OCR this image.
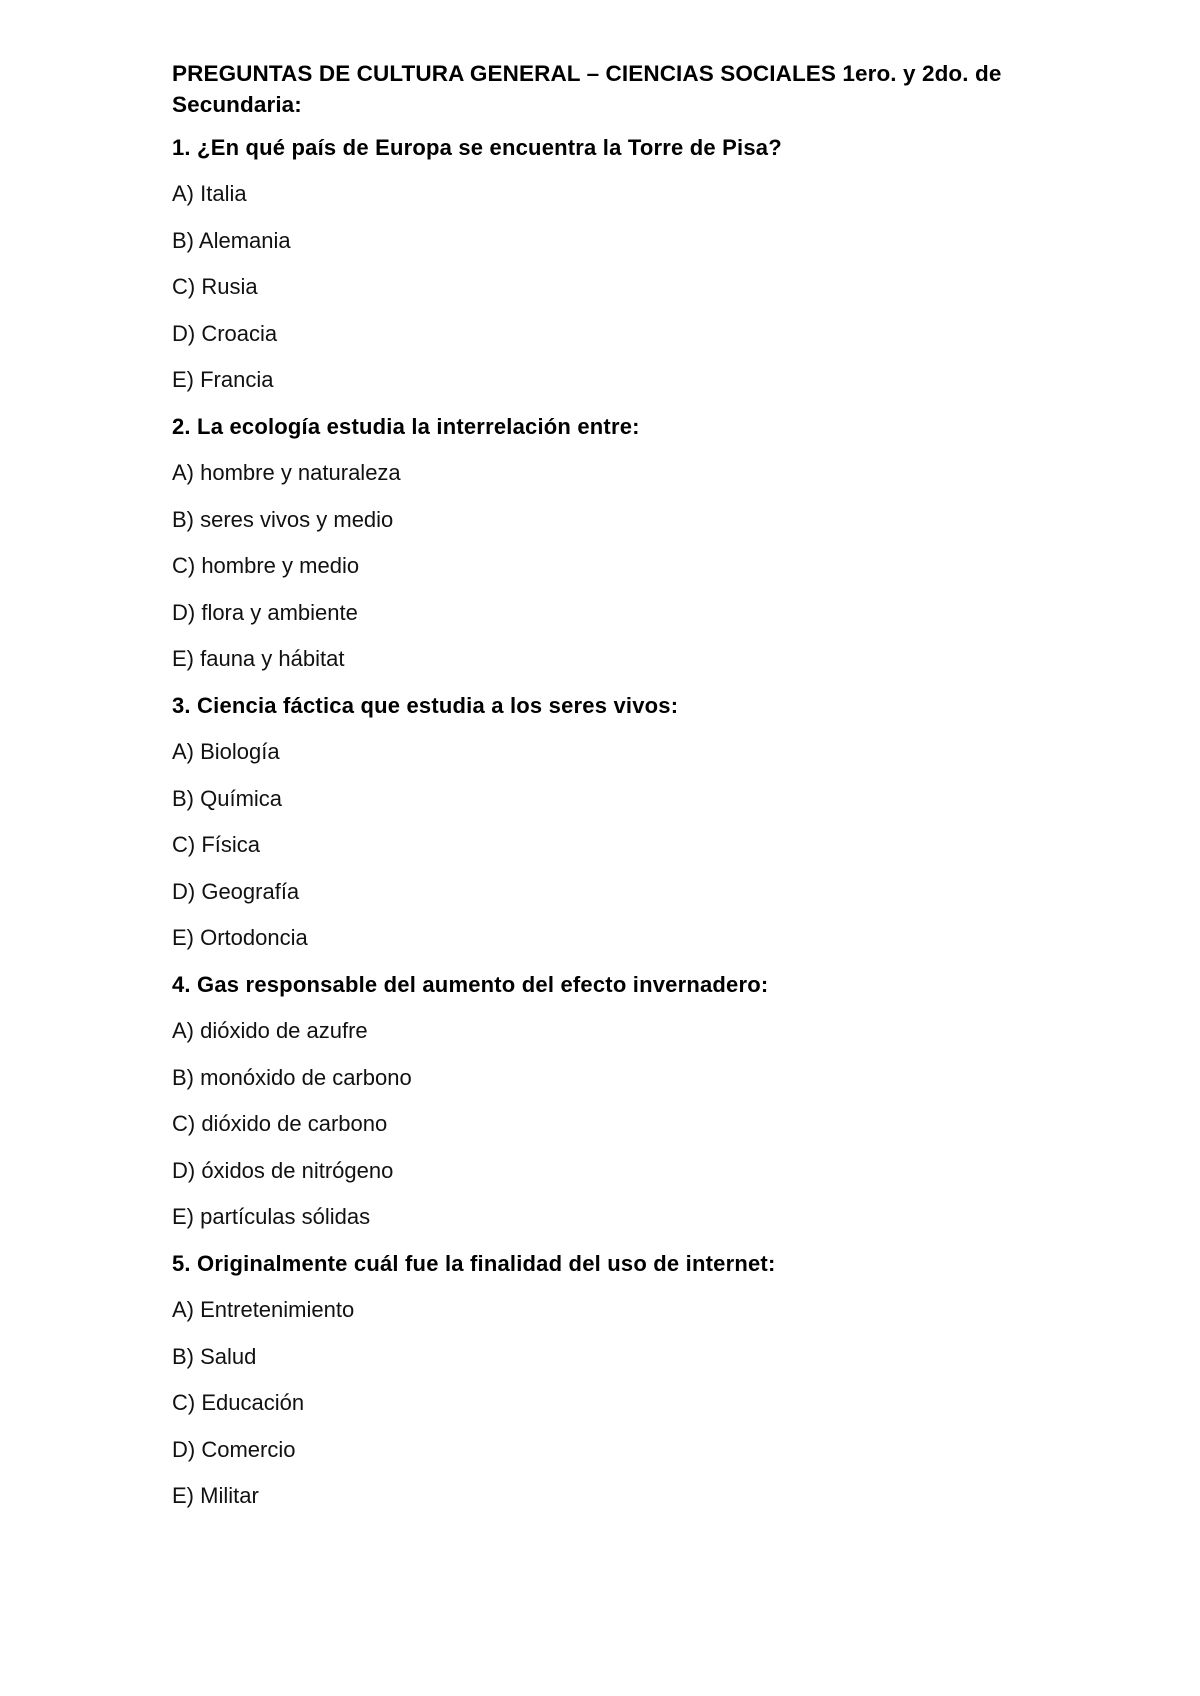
PREGUNTAS DE CULTURA GENERAL – CIENCIAS SOCIALES 1ero. y 2do. de Secundaria:

1. ¿En qué país de Europa se encuentra la Torre de Pisa?

A) Italia
B) Alemania
C) Rusia
D) Croacia
E) Francia

2. La ecología estudia la interrelación entre:

A) hombre y naturaleza
B) seres vivos y medio
C) hombre y medio
D) flora y ambiente
E) fauna y hábitat

3. Ciencia fáctica que estudia a los seres vivos:

A) Biología
B) Química
C) Física
D) Geografía
E) Ortodoncia

4. Gas responsable del aumento del efecto invernadero:

A) dióxido de azufre
B) monóxido de carbono
C) dióxido de carbono
D) óxidos de nitrógeno
E) partículas sólidas

5. Originalmente cuál fue la finalidad del uso de internet:

A) Entretenimiento
B) Salud
C) Educación
D) Comercio
E) Militar
